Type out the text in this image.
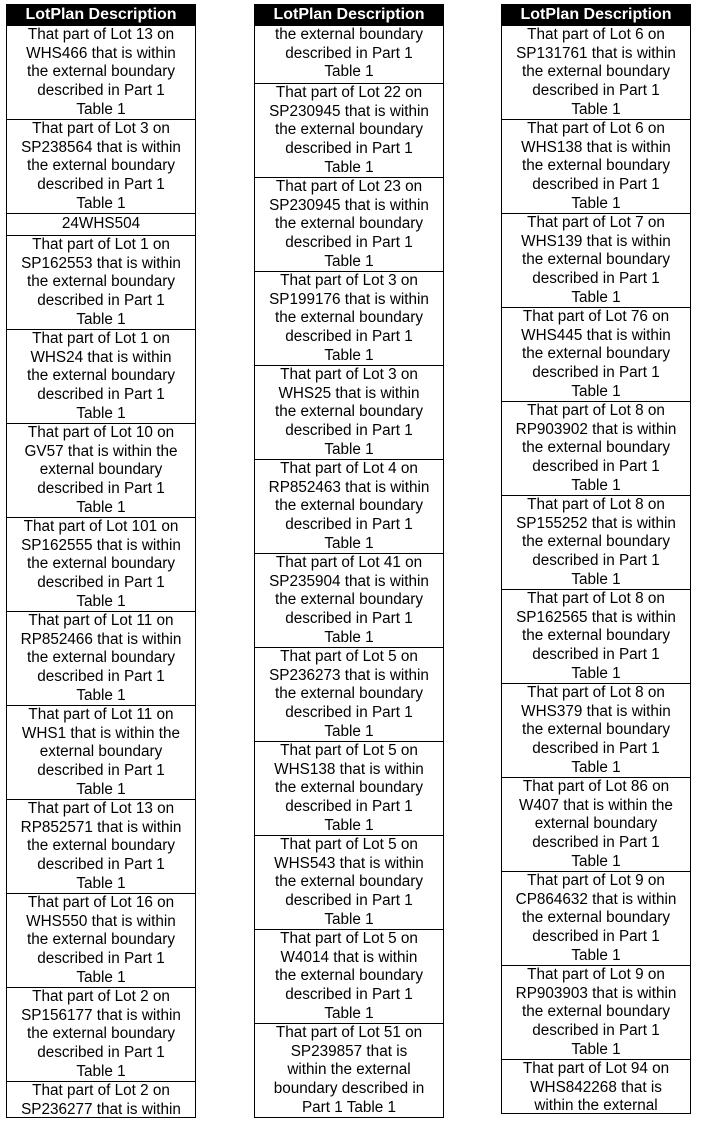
LotPlan Description
That part of Lot 13 on
WHS466 that is within
the external boundary
described in Part 1
Table 1
That part of Lot 3 on
SP238564 that is within
the external boundary
described in Part 1
Table 1
24WHS504
That part of Lot 1 on
SP162553 that is within
the external boundary
described in Part 1
Table 1
That part of Lot 1 on
WHS24 that is within
the external boundary
described in Part 1
Table 1
That part of Lot 10 on
GV57 that is within the
external boundary
described in Part 1
Table 1
That part of Lot 101 on
SP162555 that is within
the external boundary
described in Part 1
Table 1
That part of Lot 11 on
RP852466 that is within
the external boundary
described in Part 1
Table 1
That part of Lot 11 on
WHS1 that is within the
external boundary
described in Part 1
Table 1
That part of Lot 13 on
RP852571 that is within
the external boundary
described in Part 1
Table 1
That part of Lot 16 on
WHS550 that is within
the external boundary
described in Part 1
Table 1
That part of Lot 2 on
SP156177 that is within
the external boundary
described in Part 1
Table 1
That part of Lot 2 on
SP236277 that is within
LotPlan Description
the external boundary
described in Part 1
Table 1
That part of Lot 22 on
SP230945 that is within
the external boundary
described in Part 1
Table 1
That part of Lot 23 on
SP230945 that is within
the external boundary
described in Part 1
Table 1
That part of Lot 3 on
SP199176 that is within
the external boundary
described in Part 1
Table 1
That part of Lot 3 on
WHS25 that is within
the external boundary
described in Part 1
Table 1
That part of Lot 4 on
RP852463 that is within
the external boundary
described in Part 1
Table 1
That part of Lot 41 on
SP235904 that is within
the external boundary
described in Part 1
Table 1
That part of Lot 5 on
SP236273 that is within
the external boundary
described in Part 1
Table 1
That part of Lot 5 on
WHS138 that is within
the external boundary
described in Part 1
Table 1
That part of Lot 5 on
WHS543 that is within
the external boundary
described in Part 1
Table 1
That part of Lot 5 on
W4014 that is within
the external boundary
described in Part 1
Table 1
That part of Lot 51 on
SP239857 that is
within the external
boundary described in
Part 1 Table 1
LotPlan Description
That part of Lot 6 on
SP131761 that is within
the external boundary
described in Part 1
Table 1
That part of Lot 6 on
WHS138 that is within
the external boundary
described in Part 1
Table 1
That part of Lot 7 on
WHS139 that is within
the external boundary
described in Part 1
Table 1
That part of Lot 76 on
WHS445 that is within
the external boundary
described in Part 1
Table 1
That part of Lot 8 on
RP903902 that is within
the external boundary
described in Part 1
Table 1
That part of Lot 8 on
SP155252 that is within
the external boundary
described in Part 1
Table 1
That part of Lot 8 on
SP162565 that is within
the external boundary
described in Part 1
Table 1
That part of Lot 8 on
WHS379 that is within
the external boundary
described in Part 1
Table 1
That part of Lot 86 on
W407 that is within the
external boundary
described in Part 1
Table 1
That part of Lot 9 on
CP864632 that is within
the external boundary
described in Part 1
Table 1
That part of Lot 9 on
RP903903 that is within
the external boundary
described in Part 1
Table 1
That part of Lot 94 on
WHS842268 that is
within the external
